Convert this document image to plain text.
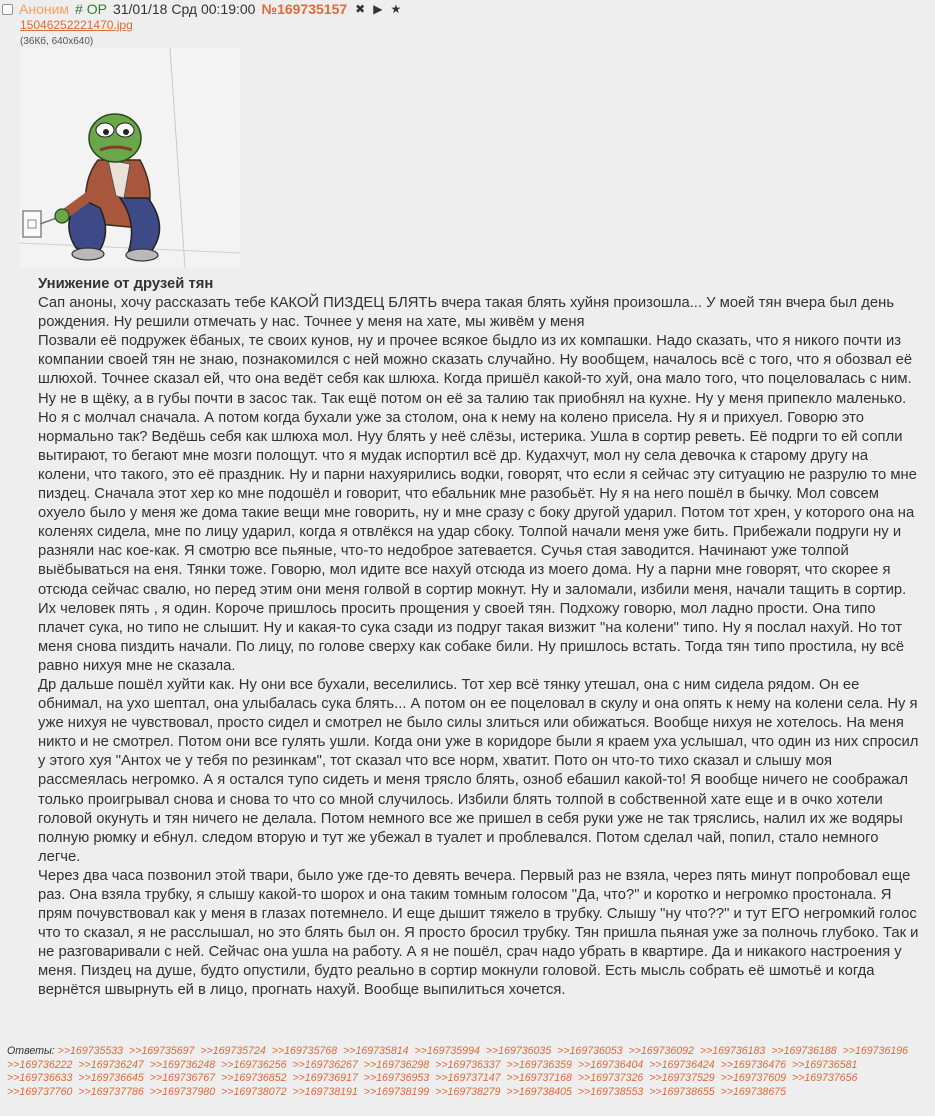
Аноним # OP 31/01/18 Срд 00:19:00 №169735157 ✖ ▶ ★
15046252221470.jpg
(36Кб, 640x640)
Унижение от друзей тян

Сап аноны, хочу рассказать тебе КАКОЙ ПИЗДЕЦ БЛЯТЬ вчера такая блять хуйня произошла... У моей тян вчера был день рождения. Ну решили отмечать у нас. Точнее у меня на хате, мы живём у меня

Позвали её подружек ёбаных, те своих кунов, ну и прочее всякое быдло из их компашки. Надо сказать, что я никого почти из компании своей тян не знаю, познакомился с ней можно сказать случайно. Ну вообщем, началось всё с того, что я обозвал её шлюхой. Точнее сказал ей, что она ведёт себя как шлюха. Когда пришёл какой-то хуй, она мало того, что поцеловалась с ним. Ну не в щёку, а в губы почти в засос так. Так ещё потом он её за талию так приобнял на кухне. Ну у меня припекло маленько. Но я с молчал сначала. А потом когда бухали уже за столом, она к нему на колено присела. Ну я и прихуел. Говорю это нормально так? Ведёшь себя как шлюха мол. Нуу блять у неё слёзы, истерика. Ушла в сортир реветь. Её подрги то ей сопли вытирают, то бегают мне мозги полощут. что я мудак испортил всё др. Кудахчут, мол ну села девочка к старому другу на колени, что такого, это её праздник. Ну и парни нахуярились водки, говорят, что если я сейчас эту ситуацию не разрулю то мне пиздец. Сначала этот хер ко мне подошёл и говорит, что ебальник мне разобьёт. Ну я на него пошёл в бычку. Мол совсем охуело было у меня же дома такие вещи мне говорить, ну и мне сразу с боку другой ударил. Потом тот хрен, у которого она на коленях сидела, мне по лицу ударил, когда я отвлёкся на удар сбоку. Толпой начали меня уже бить. Прибежали подруги ну и разняли нас кое-как. Я смотрю все пьяные, что-то недоброе затевается. Сучья стая заводится. Начинают уже толпой выёбываться на еня. Тянки тоже. Говорю, мол идите все нахуй отсюда из моего дома. Ну а парни мне говорят, что скорее я отсюда сейчас свалю, но перед этим они меня голвой в сортир мокнут. Ну и заломали, избили меня, начали тащить в сортир. Их человек пять , я один. Короче пришлось просить прощения у своей тян. Подхожу говорю, мол ладно прости. Она типо плачет сука, но типо не слышит. Ну и какая-то сука сзади из подруг такая визжит "на колени" типо. Ну я послал нахуй. Но тот меня снова пиздить начали. По лицу, по голове сверху как собаке били. Ну пришлось встать. Тогда тян типо простила, ну всё равно нихуя мне не сказала.

Др дальше пошёл хуйти как. Ну они все бухали, веселились. Тот хер всё тянку утешал, она с ним сидела рядом. Он ее обнимал, на ухо шептал, она улыбалась сука блять... А потом он ее поцеловал в скулу и она опять к нему на колени села. Ну я уже нихуя не чувствовал, просто сидел и смотрел не было силы злиться или обижаться. Вообще нихуя не хотелось. На меня никто и не смотрел. Потом они все гулять ушли. Когда они уже в коридоре были я краем уха услышал, что один из них спросил у этого хуя "Антох че у тебя по резинкам", тот сказал что все норм, хватит. Пото он что-то тихо сказал и слышу моя рассмеялась негромко. А я остался тупо сидеть и меня трясло блять, озноб ебашил какой-то! Я вообще ничего не соображал только проигрывал снова и снова то что со мной случилось. Избили блять толпой в собственной хате еще и в очко хотели головой окунуть и тян ничего не делала. Потом немного все же пришел в себя руки уже не так тряслись, налил их же водяры полную рюмку и ебнул. следом вторую и тут же убежал в туалет и проблевался. Потом сделал чай, попил, стало немного легче.

Через два часа позвонил этой твари, было уже где-то девять вечера. Первый раз не взяла, через пять минут попробовал еще раз. Она взяла трубку, я слышу какой-то шорох и она таким томным голосом "Да, что?" и коротко и негромко простонала. Я прям почувствовал как у меня в глазах потемнело. И еще дышит тяжело в трубку. Слышу "ну что??" и тут ЕГО негромкий голос что то сказал, я не расслышал, но это блять был он. Я просто бросил трубку. Тян пришла пьяная уже за полночь глубоко. Так и не разговаривали с ней. Сейчас она ушла на работу. А я не пошёл, срач надо убрать в квартире. Да и никакого настроения у меня. Пиздец на душе, будто опустили, будто реально в сортир мокнули головой. Есть мысль собрать её шмотьё и когда вернётся швырнуть ей в лицо, прогнать нахуй. Вообще выпилиться хочется.

Ответы: >>169735533 >>169735697 >>169735724 >>169735768 >>169735814 >>169735994 >>169736035 >>169736053 >>169736092 >>169736183 >>169736188 >>169736196 >>169736222 >>169736247 >>169736248 >>169736256 >>169736267 >>169736298 >>169736337 >>169736359 >>169736404 >>169736424 >>169736476 >>169736581 >>169736633 >>169736645 >>169736767 >>169736852 >>169736917 >>169736953 >>169737147 >>169737168 >>169737326 >>169737529 >>169737609 >>169737656 >>169737760 >>169737786 >>169737980 >>169738072 >>169738191 >>169738199 >>169738279 >>169738405 >>169738553 >>169738655 >>169738675
